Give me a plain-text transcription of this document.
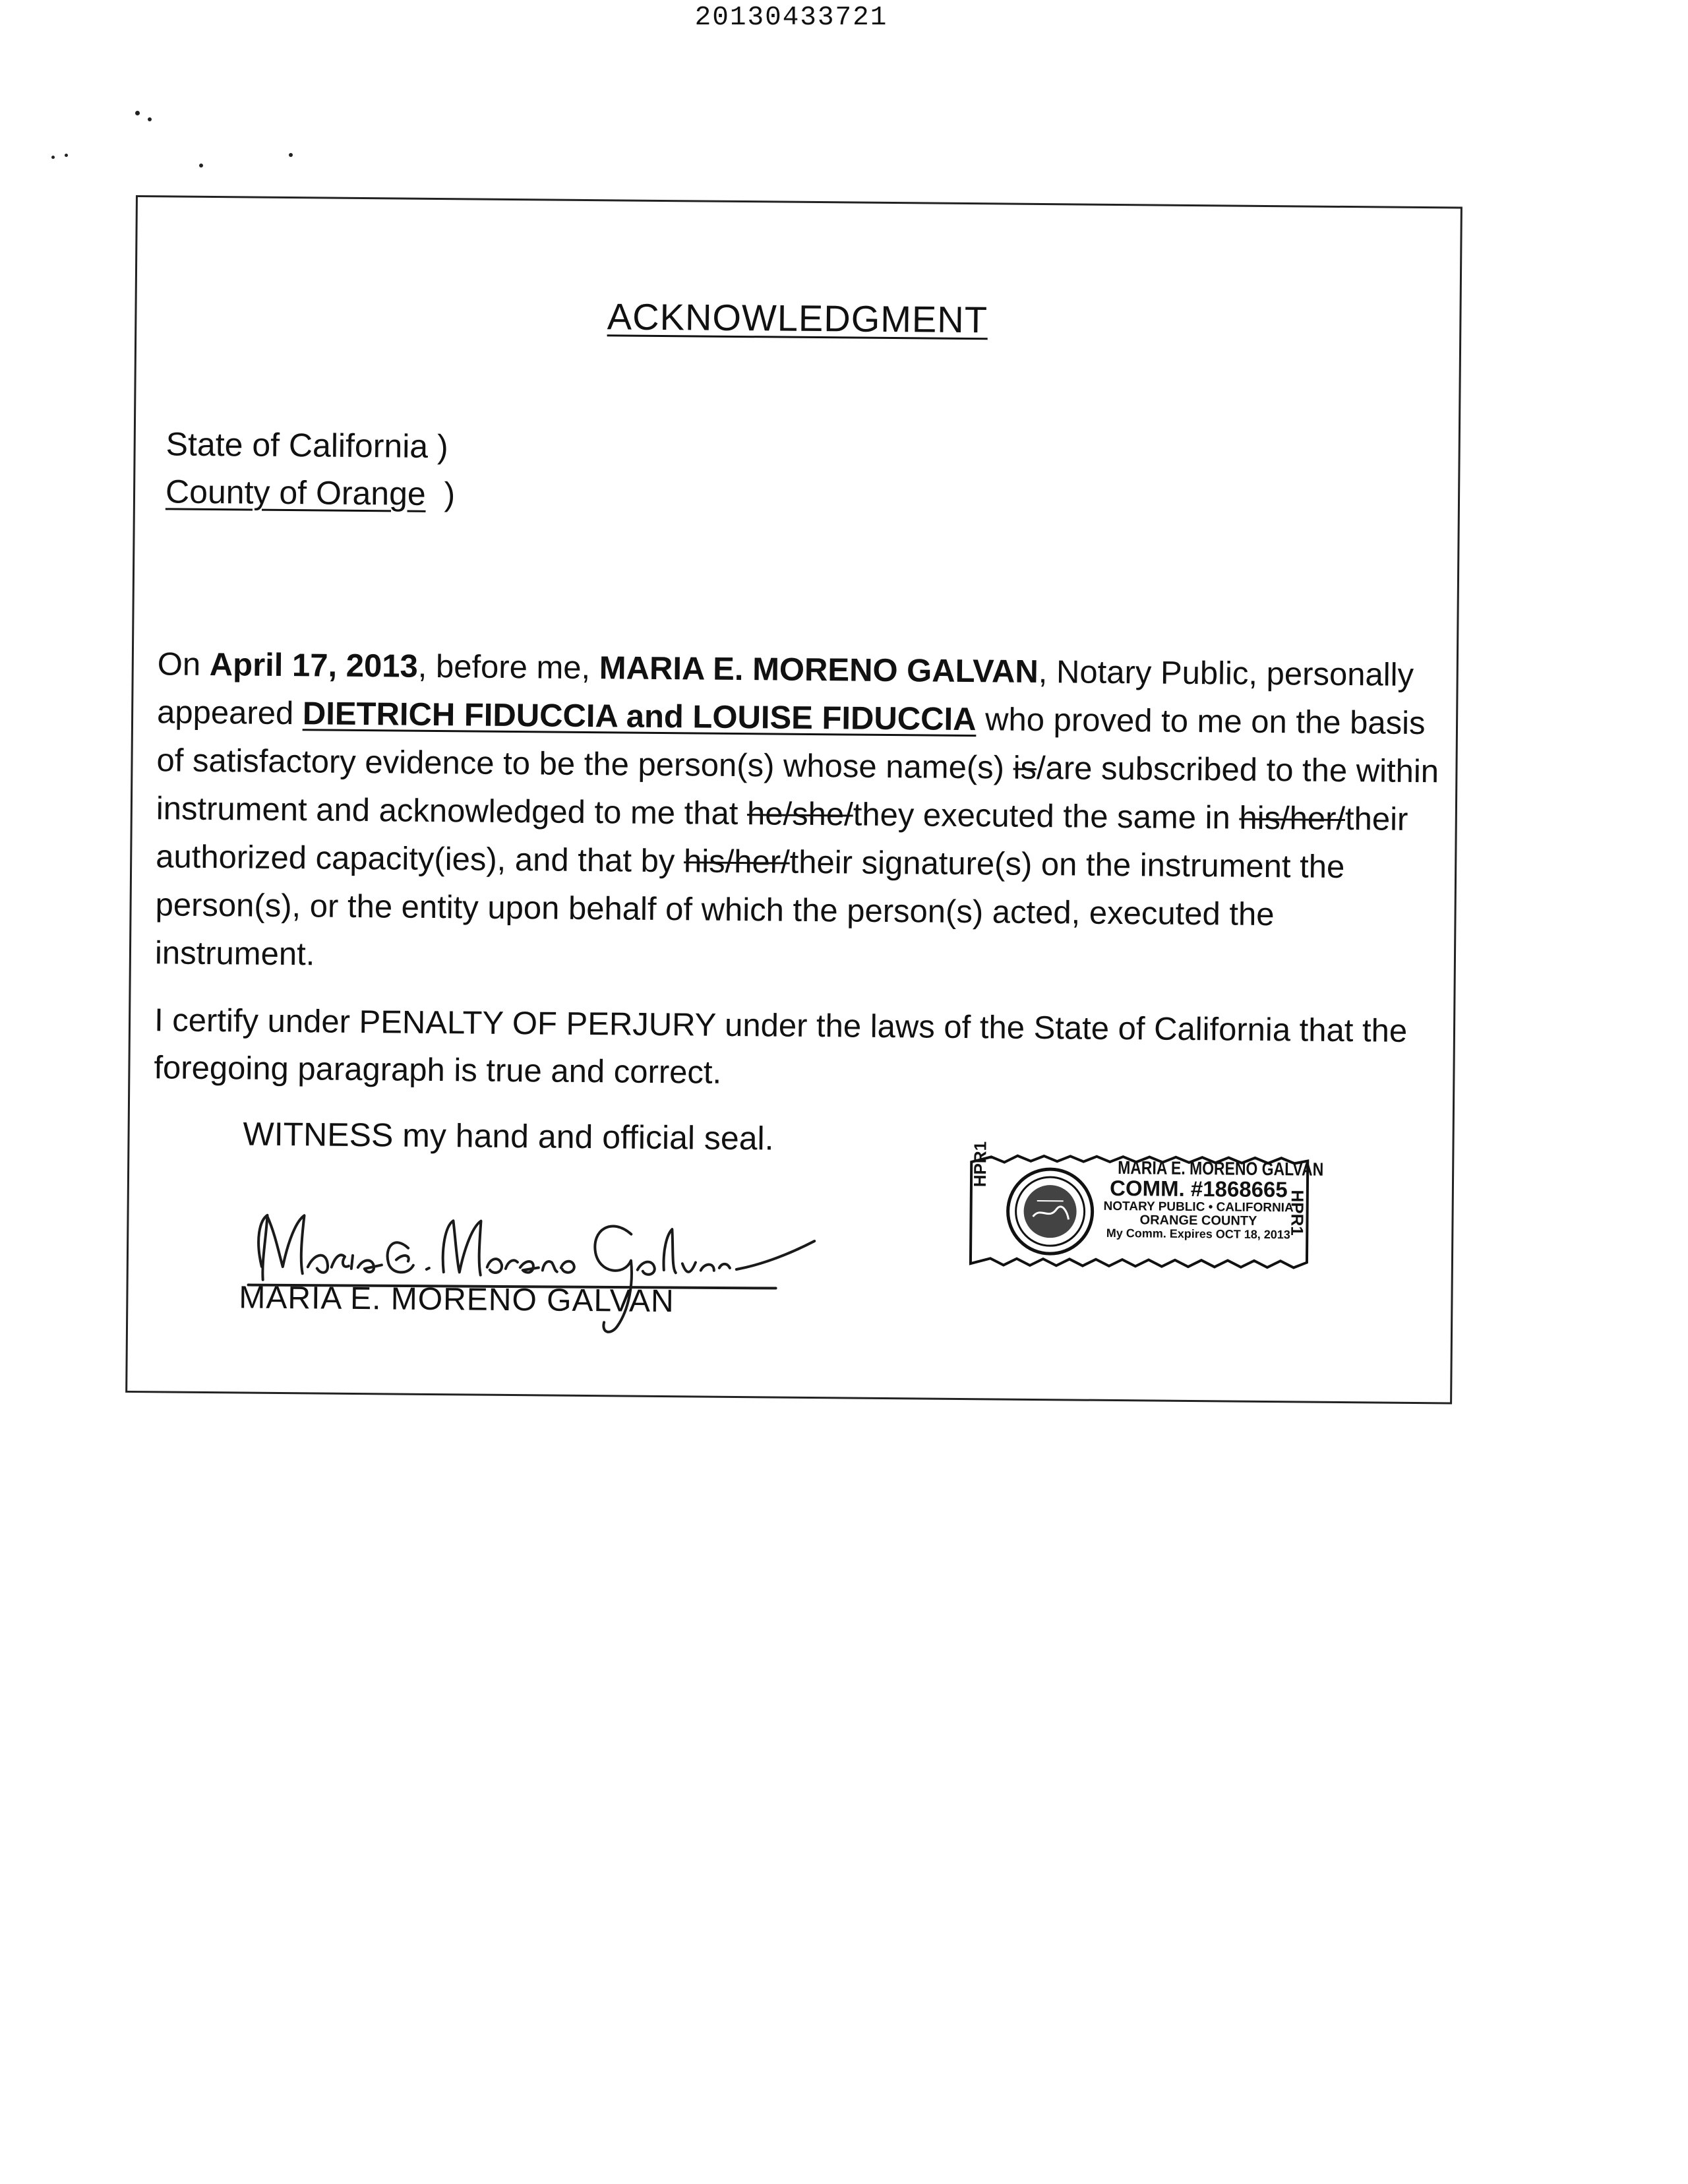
20130433721
ACKNOWLEDGMENT
State of California )
County of Orange )
On April 17, 2013, before me, MARIA E. MORENO GALVAN, Notary Public, personally appeared DIETRICH FIDUCCIA and LOUISE FIDUCCIA who proved to me on the basis of satisfactory evidence to be the person(s) whose name(s) is/are subscribed to the within instrument and acknowledged to me that he/she/they executed the same in his/her/their authorized capacity(ies), and that by his/her/their signature(s) on the instrument the person(s), or the entity upon behalf of which the person(s) acted, executed the instrument.
I certify under PENALTY OF PERJURY under the laws of the State of California that the foregoing paragraph is true and correct.
WITNESS my hand and official seal.
MARIA E. MORENO GALVAN
HPR1
HPR1
MARIA E. MORENO GALVAN
COMM. #1868665
NOTARY PUBLIC • CALIFORNIA
ORANGE COUNTY
My Comm. Expires OCT 18, 2013
